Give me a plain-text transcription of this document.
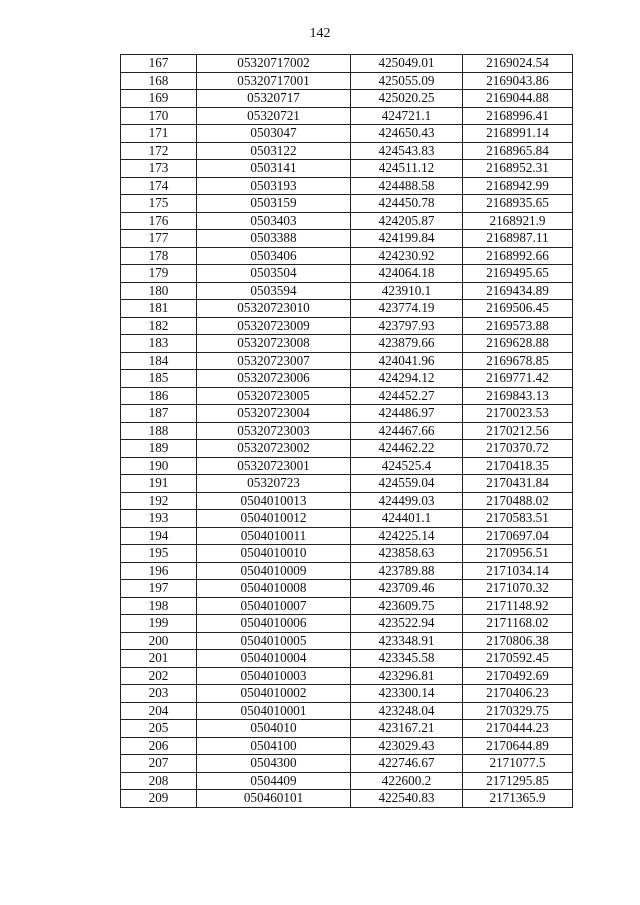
142
167	05320717002	425049.01	2169024.54
168	05320717001	425055.09	2169043.86
169	05320717	425020.25	2169044.88
170	05320721	424721.1	2168996.41
171	0503047	424650.43	2168991.14
172	0503122	424543.83	2168965.84
173	0503141	424511.12	2168952.31
174	0503193	424488.58	2168942.99
175	0503159	424450.78	2168935.65
176	0503403	424205.87	2168921.9
177	0503388	424199.84	2168987.11
178	0503406	424230.92	2168992.66
179	0503504	424064.18	2169495.65
180	0503594	423910.1	2169434.89
181	05320723010	423774.19	2169506.45
182	05320723009	423797.93	2169573.88
183	05320723008	423879.66	2169628.88
184	05320723007	424041.96	2169678.85
185	05320723006	424294.12	2169771.42
186	05320723005	424452.27	2169843.13
187	05320723004	424486.97	2170023.53
188	05320723003	424467.66	2170212.56
189	05320723002	424462.22	2170370.72
190	05320723001	424525.4	2170418.35
191	05320723	424559.04	2170431.84
192	0504010013	424499.03	2170488.02
193	0504010012	424401.1	2170583.51
194	0504010011	424225.14	2170697.04
195	0504010010	423858.63	2170956.51
196	0504010009	423789.88	2171034.14
197	0504010008	423709.46	2171070.32
198	0504010007	423609.75	2171148.92
199	0504010006	423522.94	2171168.02
200	0504010005	423348.91	2170806.38
201	0504010004	423345.58	2170592.45
202	0504010003	423296.81	2170492.69
203	0504010002	423300.14	2170406.23
204	0504010001	423248.04	2170329.75
205	0504010	423167.21	2170444.23
206	0504100	423029.43	2170644.89
207	0504300	422746.67	2171077.5
208	0504409	422600.2	2171295.85
209	050460101	422540.83	2171365.9
